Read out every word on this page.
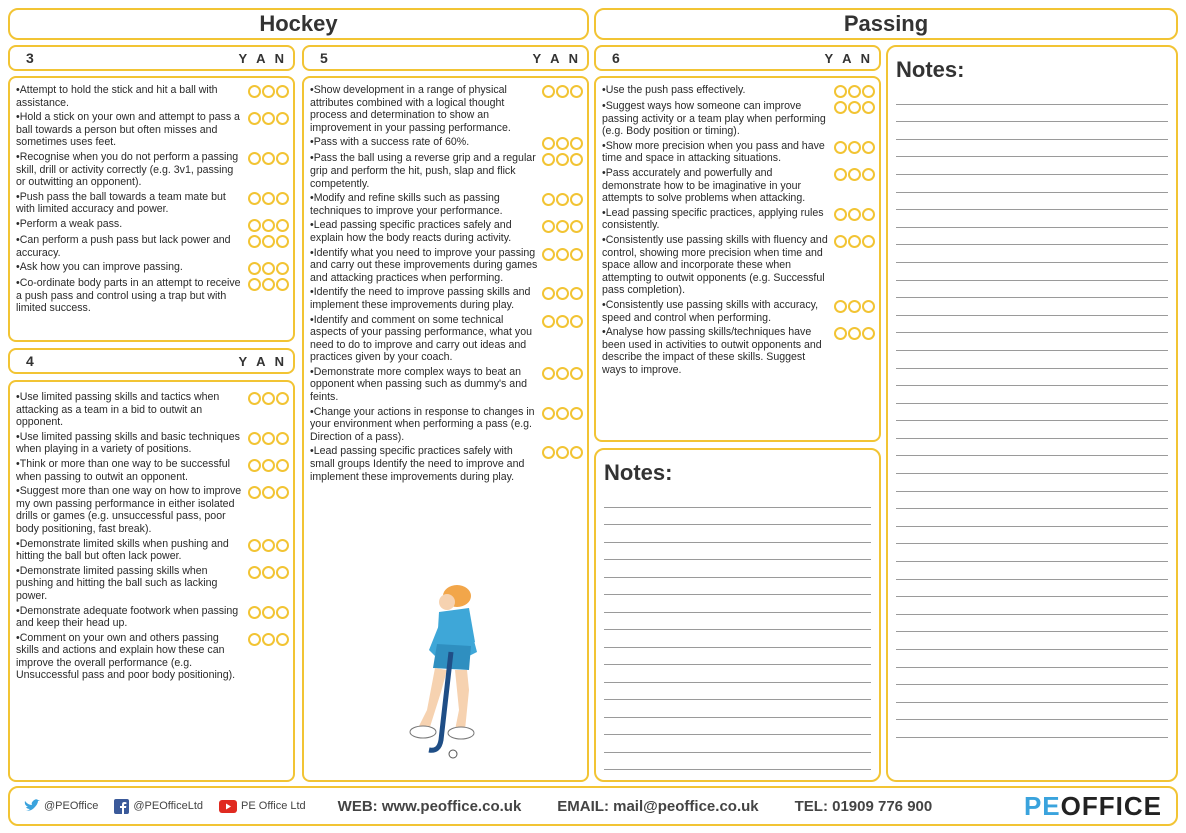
Hockey	Passing
3	Y A N
• Attempt to hold the stick and hit a ball with assistance.
• Hold a stick on your own and attempt to pass a ball towards a person but often misses and sometimes uses feet.
• Recognise when you do not perform a passing skill, drill or activity correctly (e.g. 3v1, passing or outwitting an opponent).
• Push pass the ball towards a team mate but with limited accuracy and power.
• Perform a weak pass.
• Can perform a push pass but lack power and accuracy.
• Ask how you can improve passing.
• Co-ordinate body parts in an attempt to receive a push pass and control using a trap but with limited success.
4	Y A N
• Use limited passing skills and tactics when attacking as a team in a bid to outwit an opponent.
• Use limited passing skills and basic techniques when playing in a variety of positions.
• Think or more than one way to be successful when passing to outwit an opponent.
• Suggest more than one way on how to improve my own passing performance in either isolated drills or games (e.g. unsuccessful pass, poor body positioning, fast break).
• Demonstrate limited skills when pushing and hitting the ball but often lack power.
• Demonstrate limited passing skills when pushing and hitting the ball such as lacking power.
• Demonstrate adequate footwork when passing and keep their head up.
• Comment on your own and others passing skills and actions and explain how these can improve the overall performance (e.g. Unsuccessful pass and poor body positioning).
5	Y A N
• Show development in a range of physical attributes combined with a logical thought process and determination to show an improvement in your passing performance.
• Pass with a success rate of 60%.
• Pass the ball using a reverse grip and a regular grip and perform the hit, push, slap and flick competently.
• Modify and refine skills such as passing techniques to improve your performance.
• Lead passing specific practices safely and explain how the body reacts during activity.
• Identify what you need to improve your passing and carry out these improvements during games and attacking practices when performing.
• Identify the need to improve passing skills and implement these improvements during play.
• Identify and comment on some technical aspects of your passing performance, what you need to do to improve and carry out ideas and practices given by your coach.
• Demonstrate more complex ways to beat an opponent when passing such as dummy's and feints.
• Change your actions in response to changes in your environment when performing a pass (e.g. Direction of a pass).
• Lead passing specific practices safely with small groups Identify the need to improve and implement these improvements during play.
6	Y A N
• Use the push pass effectively.
• Suggest ways how someone can improve passing activity or a team play when performing (e.g. Body position or timing).
• Show more precision when you pass and have time and space in attacking situations.
• Pass accurately and powerfully and demonstrate how to be imaginative in your attempts to solve problems when attacking.
• Lead passing specific practices, applying rules consistently.
• Consistently use passing skills with fluency and control, showing more precision when time and space allow and incorporate these when attempting to outwit opponents (e.g. Successful pass completion).
• Consistently use passing skills with accuracy, speed and control when performing.
• Analyse how passing skills/techniques have been used in activities to outwit opponents and describe the impact of these skills. Suggest ways to improve.
Notes:
Notes:
@PEOffice	@PEOfficeLtd	PE Office Ltd WEB: www.peoffice.co.uk EMAIL: mail@peoffice.co.uk TEL: 01909 776 900	PEOFFICE
